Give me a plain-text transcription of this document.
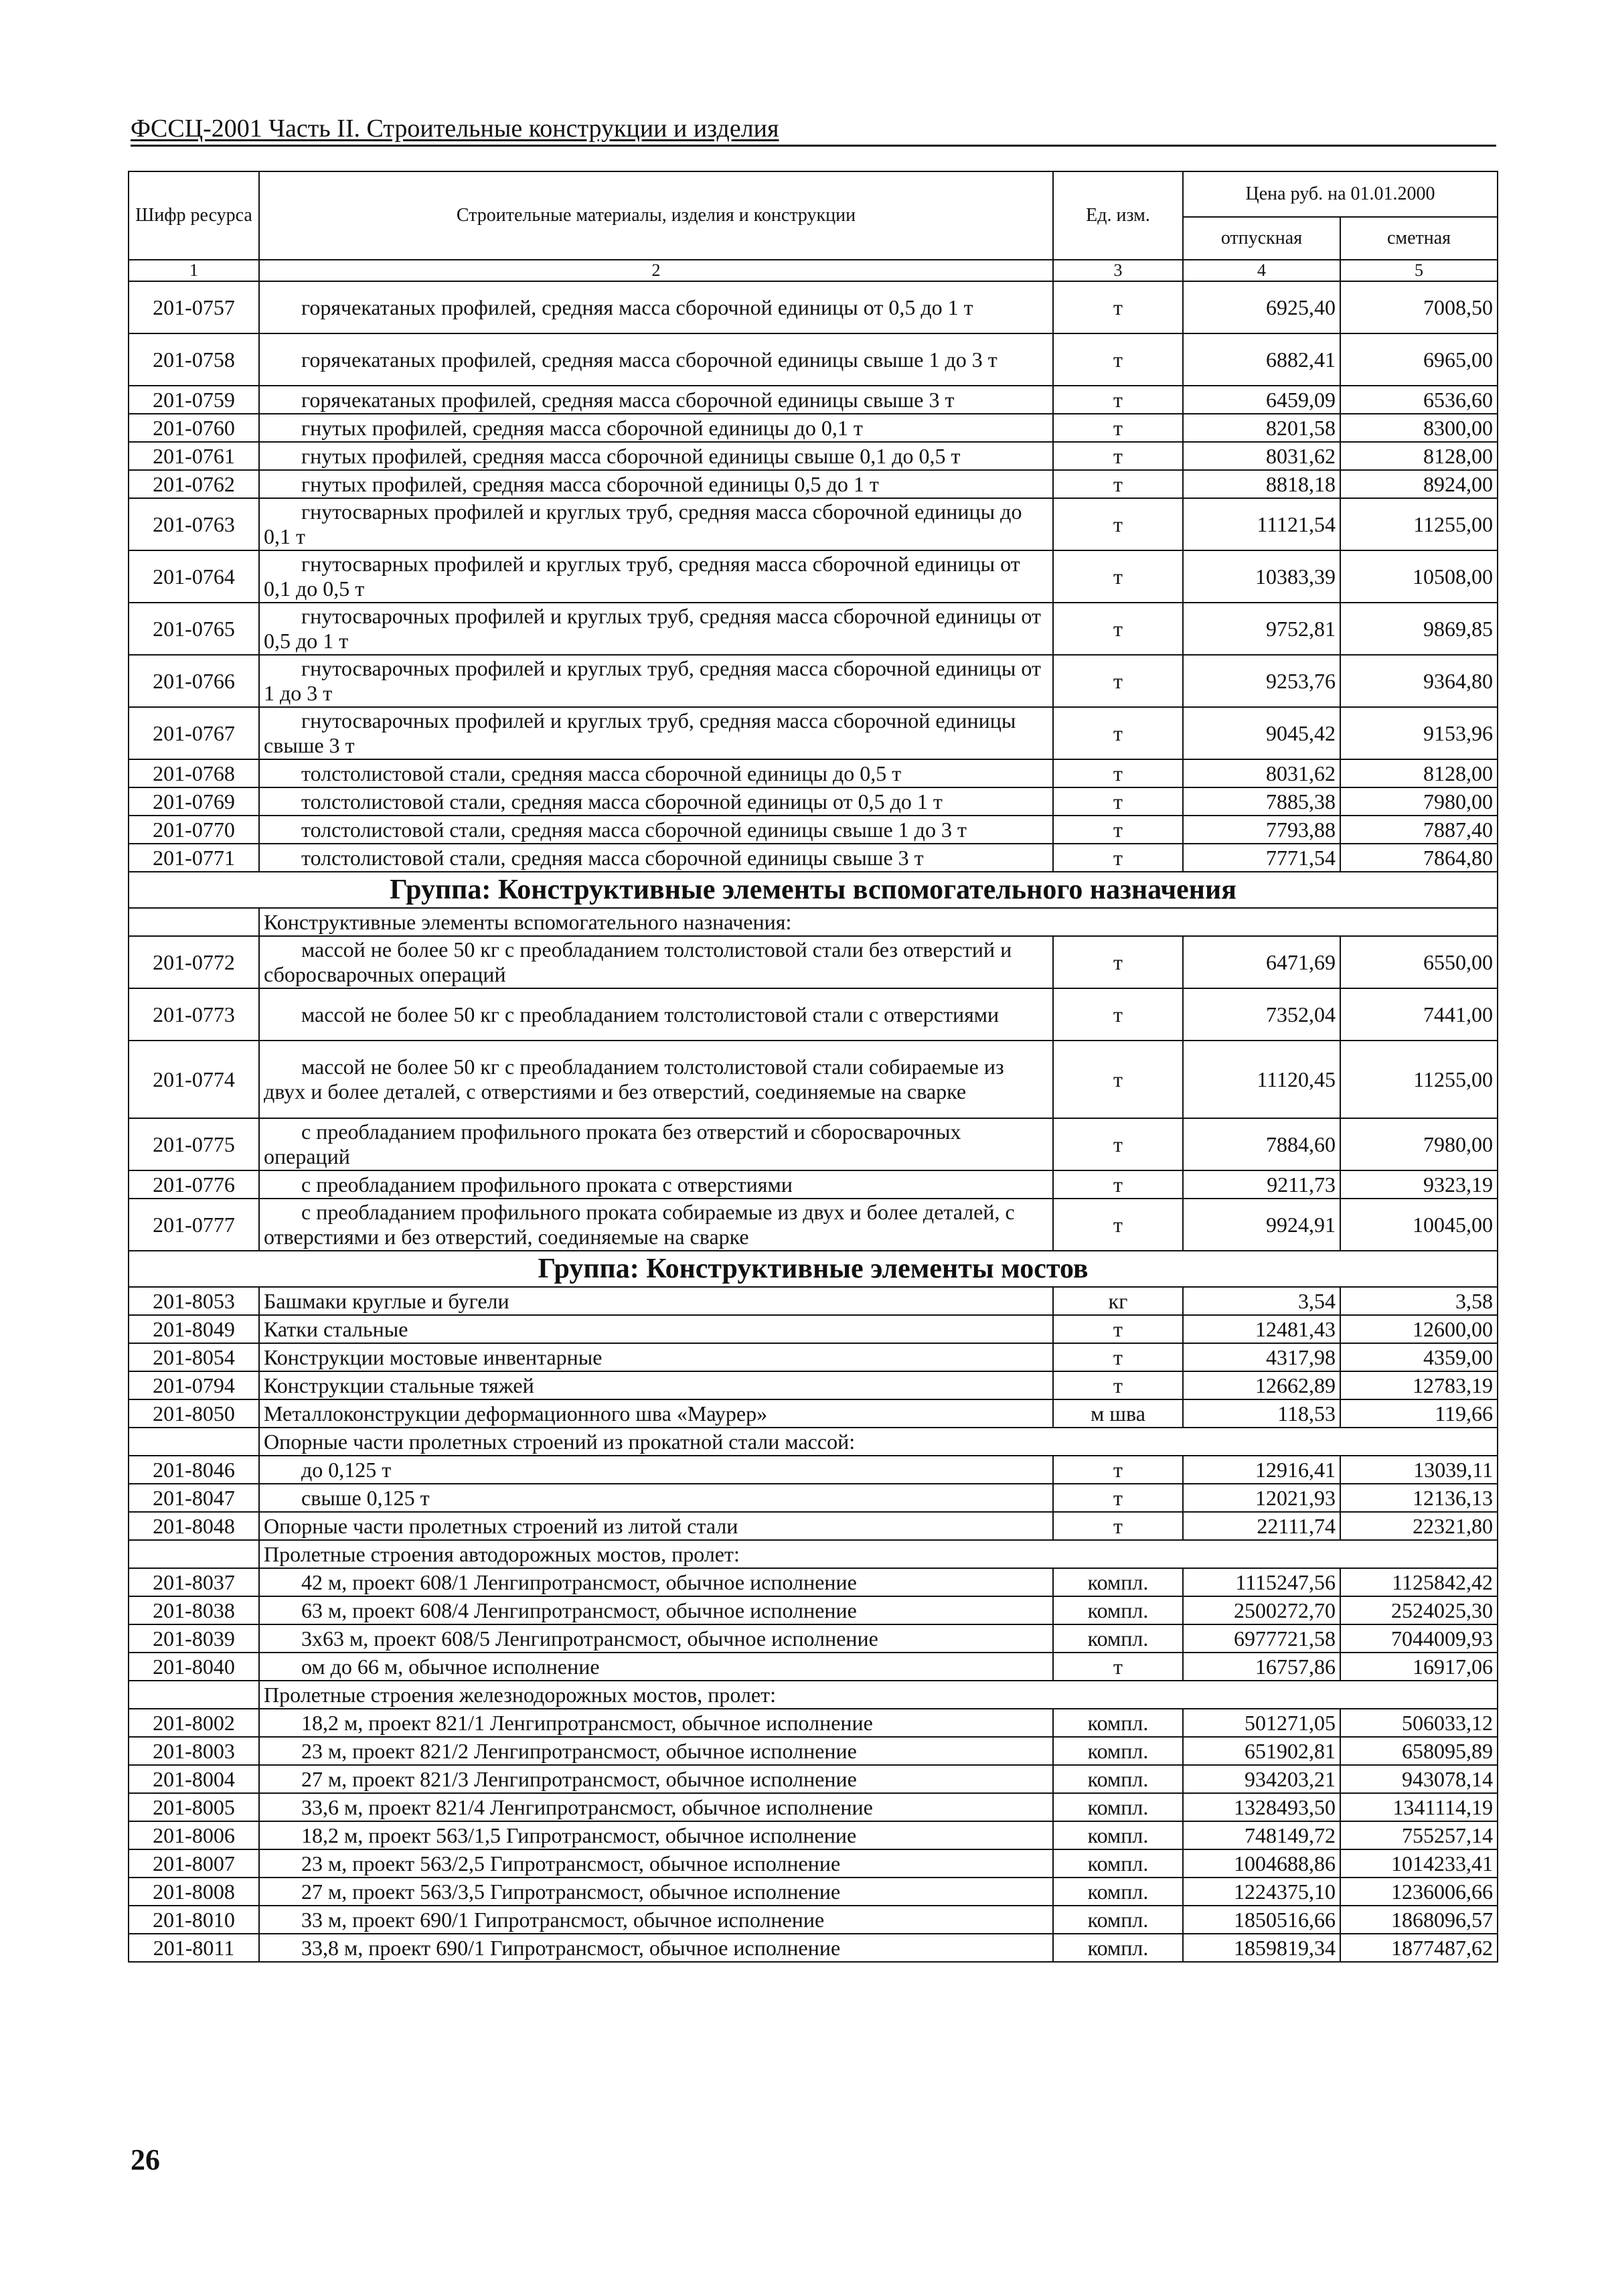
ФССЦ-2001 Часть II. Строительные конструкции и изделия
Шифр ресурса	Строительные материалы, изделия и конструкции	Ед. изм.	Цена руб. на 01.01.2000	
			отпускная	сметная
1	2	3	4	5
201-0757	горячекатаных профилей, средняя масса сборочной единицы от 0,5 до 1 т	т	6925,40	7008,50
201-0758	горячекатаных профилей, средняя масса сборочной единицы свыше 1 до 3 т	т	6882,41	6965,00
201-0759	горячекатаных профилей, средняя масса сборочной единицы свыше 3 т	т	6459,09	6536,60
201-0760	гнутых профилей, средняя масса сборочной единицы до 0,1 т	т	8201,58	8300,00
201-0761	гнутых профилей, средняя масса сборочной единицы свыше 0,1 до 0,5 т	т	8031,62	8128,00
201-0762	гнутых профилей, средняя масса сборочной единицы 0,5 до 1 т	т	8818,18	8924,00
201-0763	гнутосварных профилей и круглых труб, средняя масса сборочной единицы до 0,1 т	т	11121,54	11255,00
201-0764	гнутосварных профилей и круглых труб, средняя масса сборочной единицы от 0,1 до 0,5 т	т	10383,39	10508,00
201-0765	гнутосварочных профилей и круглых труб, средняя масса сборочной единицы от 0,5 до 1 т	т	9752,81	9869,85
201-0766	гнутосварочных профилей и круглых труб, средняя масса сборочной единицы от 1 до 3 т	т	9253,76	9364,80
201-0767	гнутосварочных профилей и круглых труб, средняя масса сборочной единицы свыше 3 т	т	9045,42	9153,96
201-0768	толстолистовой стали, средняя масса сборочной единицы до 0,5 т	т	8031,62	8128,00
201-0769	толстолистовой стали, средняя масса сборочной единицы от 0,5 до 1 т	т	7885,38	7980,00
201-0770	толстолистовой стали, средняя масса сборочной единицы свыше 1 до 3 т	т	7793,88	7887,40
201-0771	толстолистовой стали, средняя масса сборочной единицы свыше 3 т	т	7771,54	7864,80
Группа: Конструктивные элементы вспомогательного назначения				
	Конструктивные элементы вспомогательного назначения:			
201-0772	массой не более 50 кг с преобладанием толстолистовой стали без отверстий и сборосварочных операций	т	6471,69	6550,00
201-0773	массой не более 50 кг с преобладанием толстолистовой стали с отверстиями	т	7352,04	7441,00
201-0774	массой не более 50 кг с преобладанием толстолистовой стали собираемые из двух и более деталей, с отверстиями и без отверстий, соединяемые на сварке	т	11120,45	11255,00
201-0775	с преобладанием профильного проката без отверстий и сборосварочных операций	т	7884,60	7980,00
201-0776	с преобладанием профильного проката с отверстиями	т	9211,73	9323,19
201-0777	с преобладанием профильного проката собираемые из двух и более деталей, с отверстиями и без отверстий, соединяемые на сварке	т	9924,91	10045,00
Группа: Конструктивные элементы мостов				
201-8053	Башмаки круглые и бугели	кг	3,54	3,58
201-8049	Катки стальные	т	12481,43	12600,00
201-8054	Конструкции мостовые инвентарные	т	4317,98	4359,00
201-0794	Конструкции стальные тяжей	т	12662,89	12783,19
201-8050	Металлоконструкции деформационного шва «Маурер»	м шва	118,53	119,66
	Опорные части пролетных строений из прокатной стали массой:			
201-8046	до 0,125 т	т	12916,41	13039,11
201-8047	свыше 0,125 т	т	12021,93	12136,13
201-8048	Опорные части пролетных строений из литой стали	т	22111,74	22321,80
	Пролетные строения автодорожных мостов, пролет:			
201-8037	42 м, проект 608/1 Ленгипротрансмост, обычное исполнение	компл.	1115247,56	1125842,42
201-8038	63 м, проект 608/4 Ленгипротрансмост, обычное исполнение	компл.	2500272,70	2524025,30
201-8039	3х63 м, проект 608/5 Ленгипротрансмост, обычное исполнение	компл.	6977721,58	7044009,93
201-8040	ом до 66 м, обычное исполнение	т	16757,86	16917,06
	Пролетные строения железнодорожных мостов, пролет:			
201-8002	18,2 м, проект 821/1 Ленгипротрансмост, обычное исполнение	компл.	501271,05	506033,12
201-8003	23 м, проект 821/2 Ленгипротрансмост, обычное исполнение	компл.	651902,81	658095,89
201-8004	27 м, проект 821/3 Ленгипротрансмост, обычное исполнение	компл.	934203,21	943078,14
201-8005	33,6 м, проект 821/4 Ленгипротрансмост, обычное исполнение	компл.	1328493,50	1341114,19
201-8006	18,2 м, проект 563/1,5 Гипротрансмост, обычное исполнение	компл.	748149,72	755257,14
201-8007	23 м, проект 563/2,5 Гипротрансмост, обычное исполнение	компл.	1004688,86	1014233,41
201-8008	27 м, проект 563/3,5 Гипротрансмост, обычное исполнение	компл.	1224375,10	1236006,66
201-8010	33 м, проект 690/1 Гипротрансмост, обычное исполнение	компл.	1850516,66	1868096,57
201-8011	33,8 м, проект 690/1 Гипротрансмост, обычное исполнение	компл.	1859819,34	1877487,62
26
